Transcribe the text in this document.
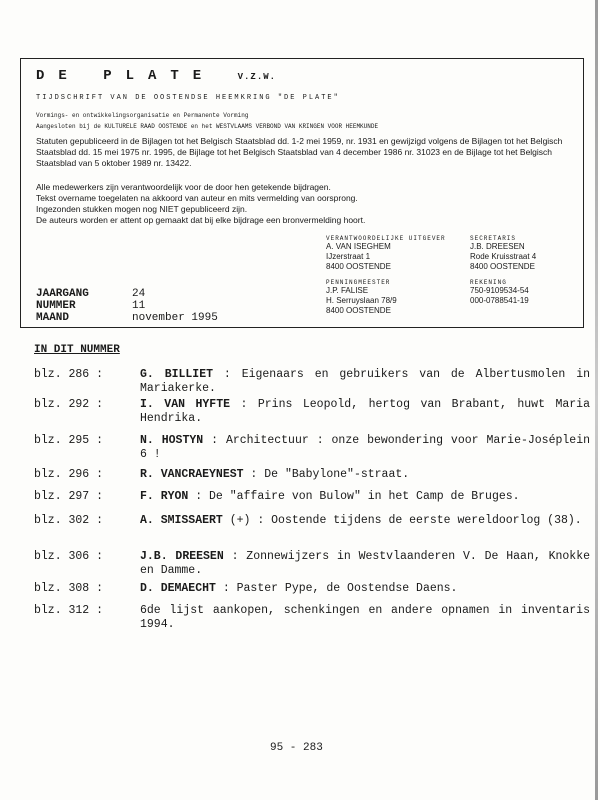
DE PLATE V.Z.W.
TIJDSCHRIFT VAN DE OOSTENDSE HEEMKRING "DE PLATE"
Vormings- en ontwikkelingsorganisatie en Permanente Vorming
Aangesloten bij de KULTURELE RAAD OOSTENDE en het WESTVLAAMS VERBOND VAN KRINGEN VOOR HEEMKUNDE
Statuten gepubliceerd in de Bijlagen tot het Belgisch Staatsblad dd. 1-2 mei 1959, nr. 1931 en gewijzigd volgens de Bijlagen tot het Belgisch Staatsblad dd. 15 mei 1975 nr. 1995, de Bijlage tot het Belgisch Staatsblad van 4 december 1986 nr. 31023 en de Bijlage tot het Belgisch Staatsblad van 5 oktober 1989 nr. 13422.
Alle medewerkers zijn verantwoordelijk voor de door hen getekende bijdragen.
Tekst overname toegelaten na akkoord van auteur en mits vermelding van oorsprong.
Ingezonden stukken mogen nog NIET gepubliceerd zijn.
De auteurs worden er attent op gemaakt dat bij elke bijdrage een bronvermelding hoort.
VERANTWOORDELIJKE UITGEVER
A. VAN ISEGHEM
IJzerstraat 1
8400 OOSTENDE
SECRETARIS
J.B. DREESEN
Rode Kruisstraat 4
8400 OOSTENDE
PENNINGMEESTER
J.P. FALISE
H. Serruyslaan 78/9
8400 OOSTENDE
REKENING
750-9109534-54
000-0788541-19
JAARGANG	24
NUMMER	11
MAAND	november 1995
IN DIT NUMMER
blz. 286 :	G. BILLIET : Eigenaars en gebruikers van de Albertusmolen in Mariakerke.
blz. 292 :	I. VAN HYFTE : Prins Leopold, hertog van Brabant, huwt Maria Hendrika.
blz. 295 :	N. HOSTYN : Architectuur : onze bewondering voor Marie-Joséplein 6 !
blz. 296 :	R. VANCRAEYNEST : De "Babylone"-straat.
blz. 297 :	F. RYON : De "affaire von Bulow" in het Camp de Bruges.
blz. 302 :	A. SMISSAERT (+) : Oostende tijdens de eerste wereldoorlog (38).
blz. 306 :	J.B. DREESEN : Zonnewijzers in Westvlaanderen V. De Haan, Knokke en Damme.
blz. 308 :	D. DEMAECHT : Paster Pype, de Oostendse Daens.
blz. 312 :	6de lijst aankopen, schenkingen en andere opnamen in inventaris 1994.
95 - 283
